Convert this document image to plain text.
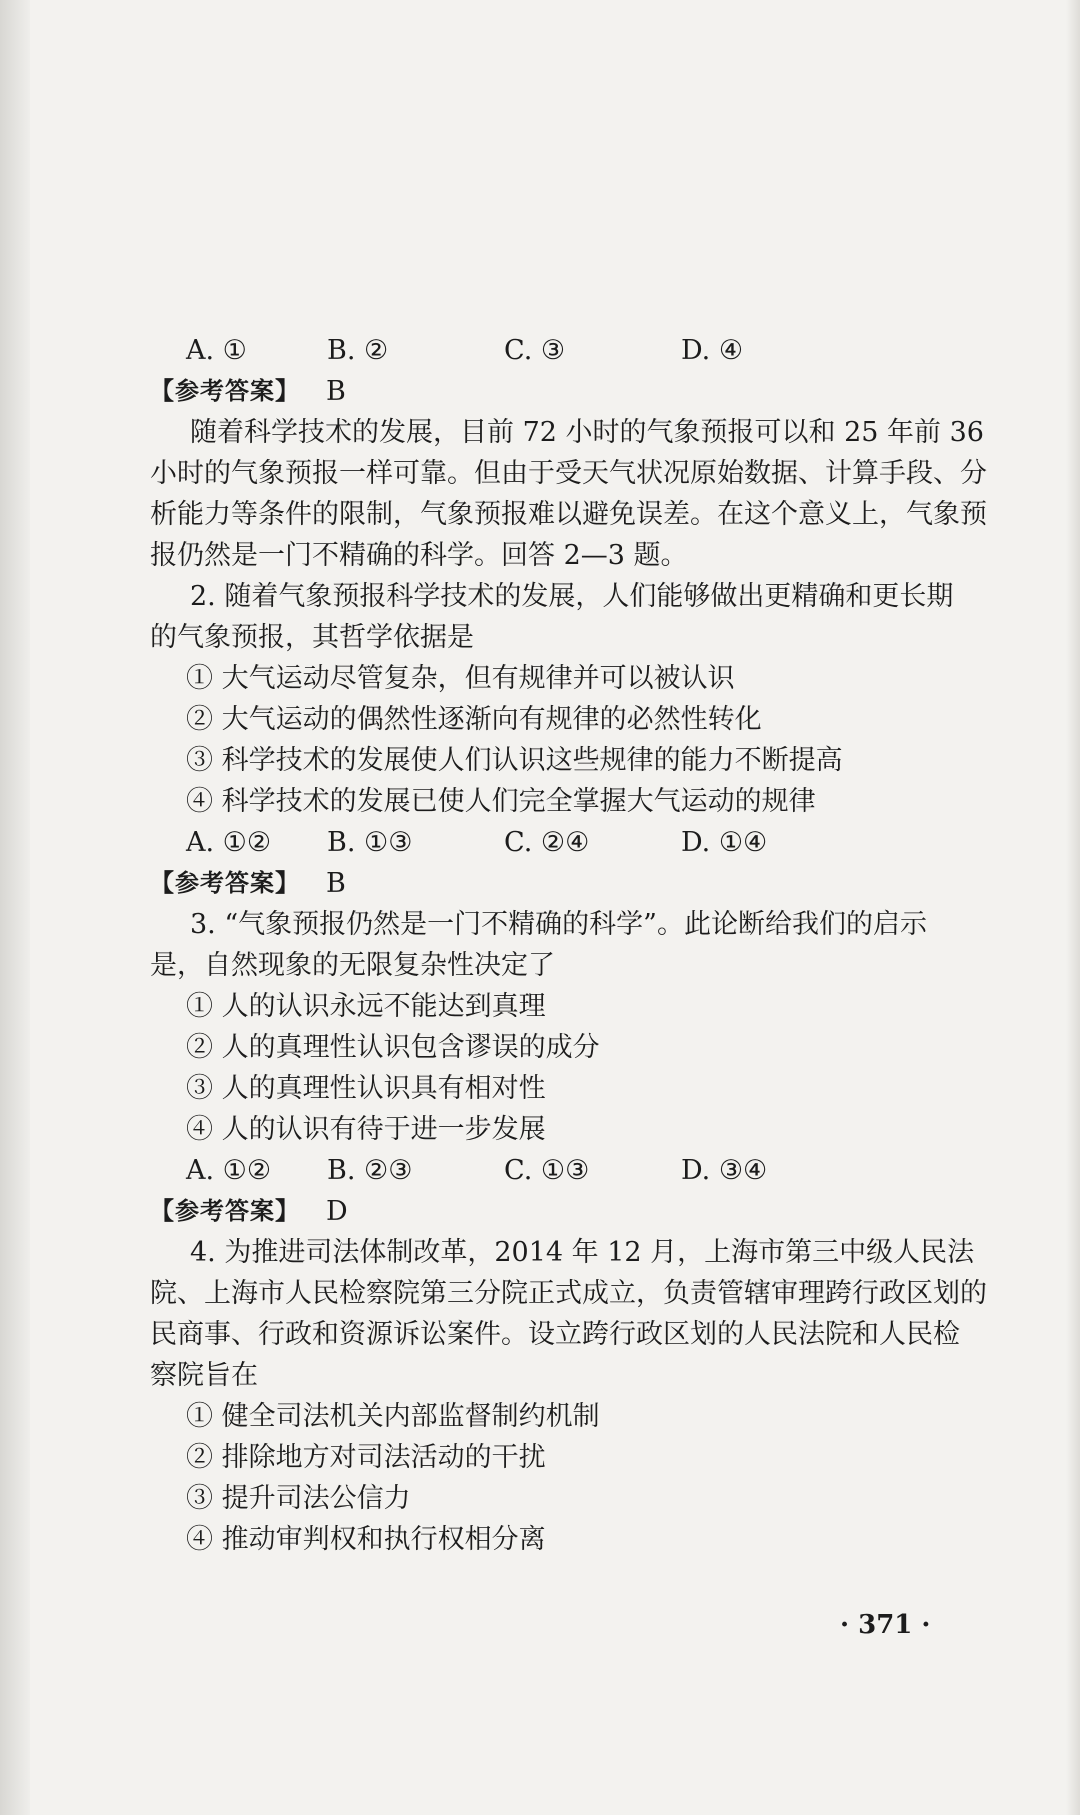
A. ①	B. ②	C. ③	D. ④
【参考答案】 B
随着科学技术的发展，目前 72 小时的气象预报可以和 25 年前 36
小时的气象预报一样可靠。但由于受天气状况原始数据、计算手段、分
析能力等条件的限制，气象预报难以避免误差。在这个意义上，气象预
报仍然是一门不精确的科学。回答 2—3 题。
2. 随着气象预报科学技术的发展，人们能够做出更精确和更长期
的气象预报，其哲学依据是
① 大气运动尽管复杂，但有规律并可以被认识
② 大气运动的偶然性逐渐向有规律的必然性转化
③ 科学技术的发展使人们认识这些规律的能力不断提高
④ 科学技术的发展已使人们完全掌握大气运动的规律
A. ①②	B. ①③	C. ②④	D. ①④
【参考答案】 B
3. “气象预报仍然是一门不精确的科学”。此论断给我们的启示
是，自然现象的无限复杂性决定了
① 人的认识永远不能达到真理
② 人的真理性认识包含谬误的成分
③ 人的真理性认识具有相对性
④ 人的认识有待于进一步发展
A. ①②	B. ②③	C. ①③	D. ③④
【参考答案】 D
4. 为推进司法体制改革，2014 年 12 月，上海市第三中级人民法
院、上海市人民检察院第三分院正式成立，负责管辖审理跨行政区划的
民商事、行政和资源诉讼案件。设立跨行政区划的人民法院和人民检
察院旨在
① 健全司法机关内部监督制约机制
② 排除地方对司法活动的干扰
③ 提升司法公信力
④ 推动审判权和执行权相分离
· 371 ·
